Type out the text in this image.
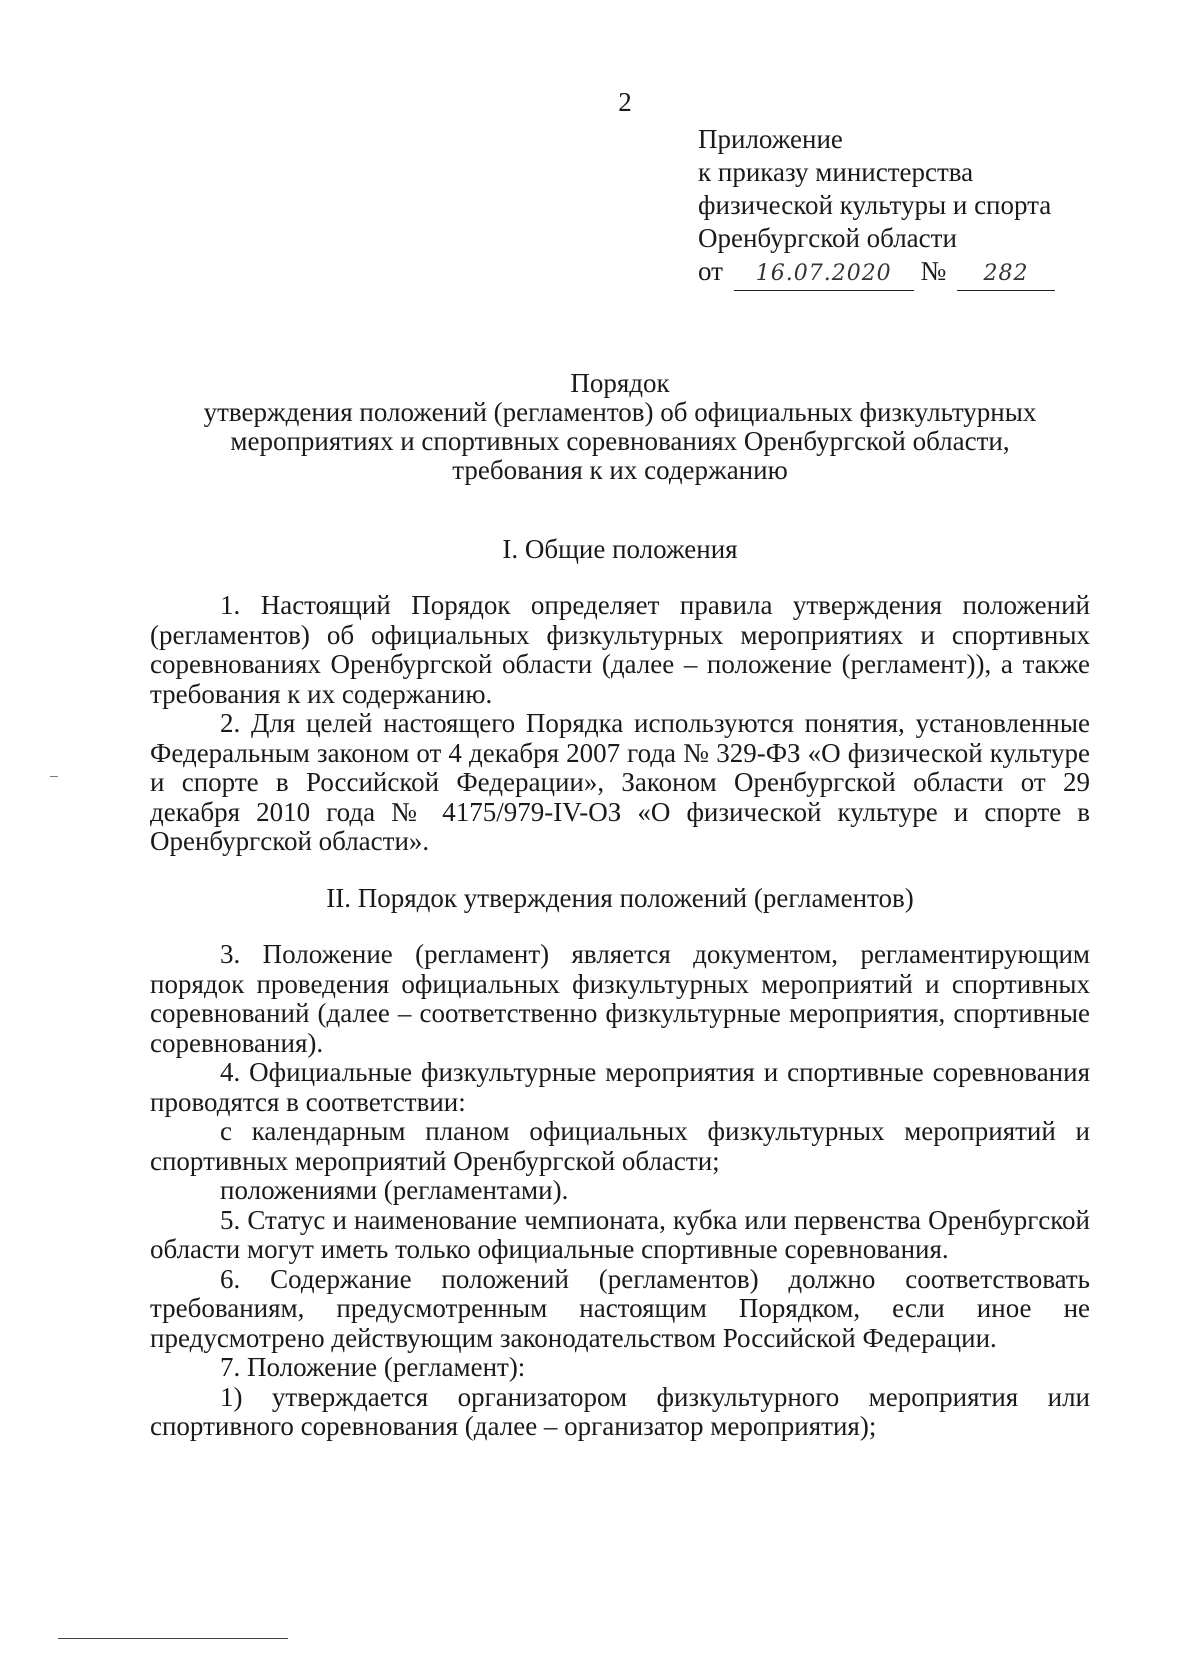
2
Приложение
к приказу министерства
физической культуры и спорта
Оренбургской области
от 16.07.2020 № 282
Порядок
утверждения положений (регламентов) об официальных физкультурных
мероприятиях и спортивных соревнованиях Оренбургской области,
требования к их содержанию
I. Общие положения

1. Настоящий Порядок определяет правила утверждения положений (регламентов) об официальных физкультурных мероприятиях и спортивных соревнованиях Оренбургской области (далее – положение (регламент)), а также требования к их содержанию.

2. Для целей настоящего Порядка используются понятия, установленные Федеральным законом от 4 декабря 2007 года № 329-ФЗ «О физической культуре и спорте в Российской Федерации», Законом Оренбургской области от 29 декабря 2010 года № 4175/979-IV-ОЗ «О физической культуре и спорте в Оренбургской области».

II. Порядок утверждения положений (регламентов)

3. Положение (регламент) является документом, регламентирующим порядок проведения официальных физкультурных мероприятий и спортивных соревнований (далее – соответственно физкультурные мероприятия, спортивные соревнования).

4. Официальные физкультурные мероприятия и спортивные соревнования проводятся в соответствии:

с календарным планом официальных физкультурных мероприятий и спортивных мероприятий Оренбургской области;

положениями (регламентами).

5. Статус и наименование чемпионата, кубка или первенства Оренбургской области могут иметь только официальные спортивные соревнования.

6. Содержание положений (регламентов) должно соответствовать требованиям, предусмотренным настоящим Порядком, если иное не предусмотрено действующим законодательством Российской Федерации.

7. Положение (регламент):

1) утверждается организатором физкультурного мероприятия или спортивного соревнования (далее – организатор мероприятия);
